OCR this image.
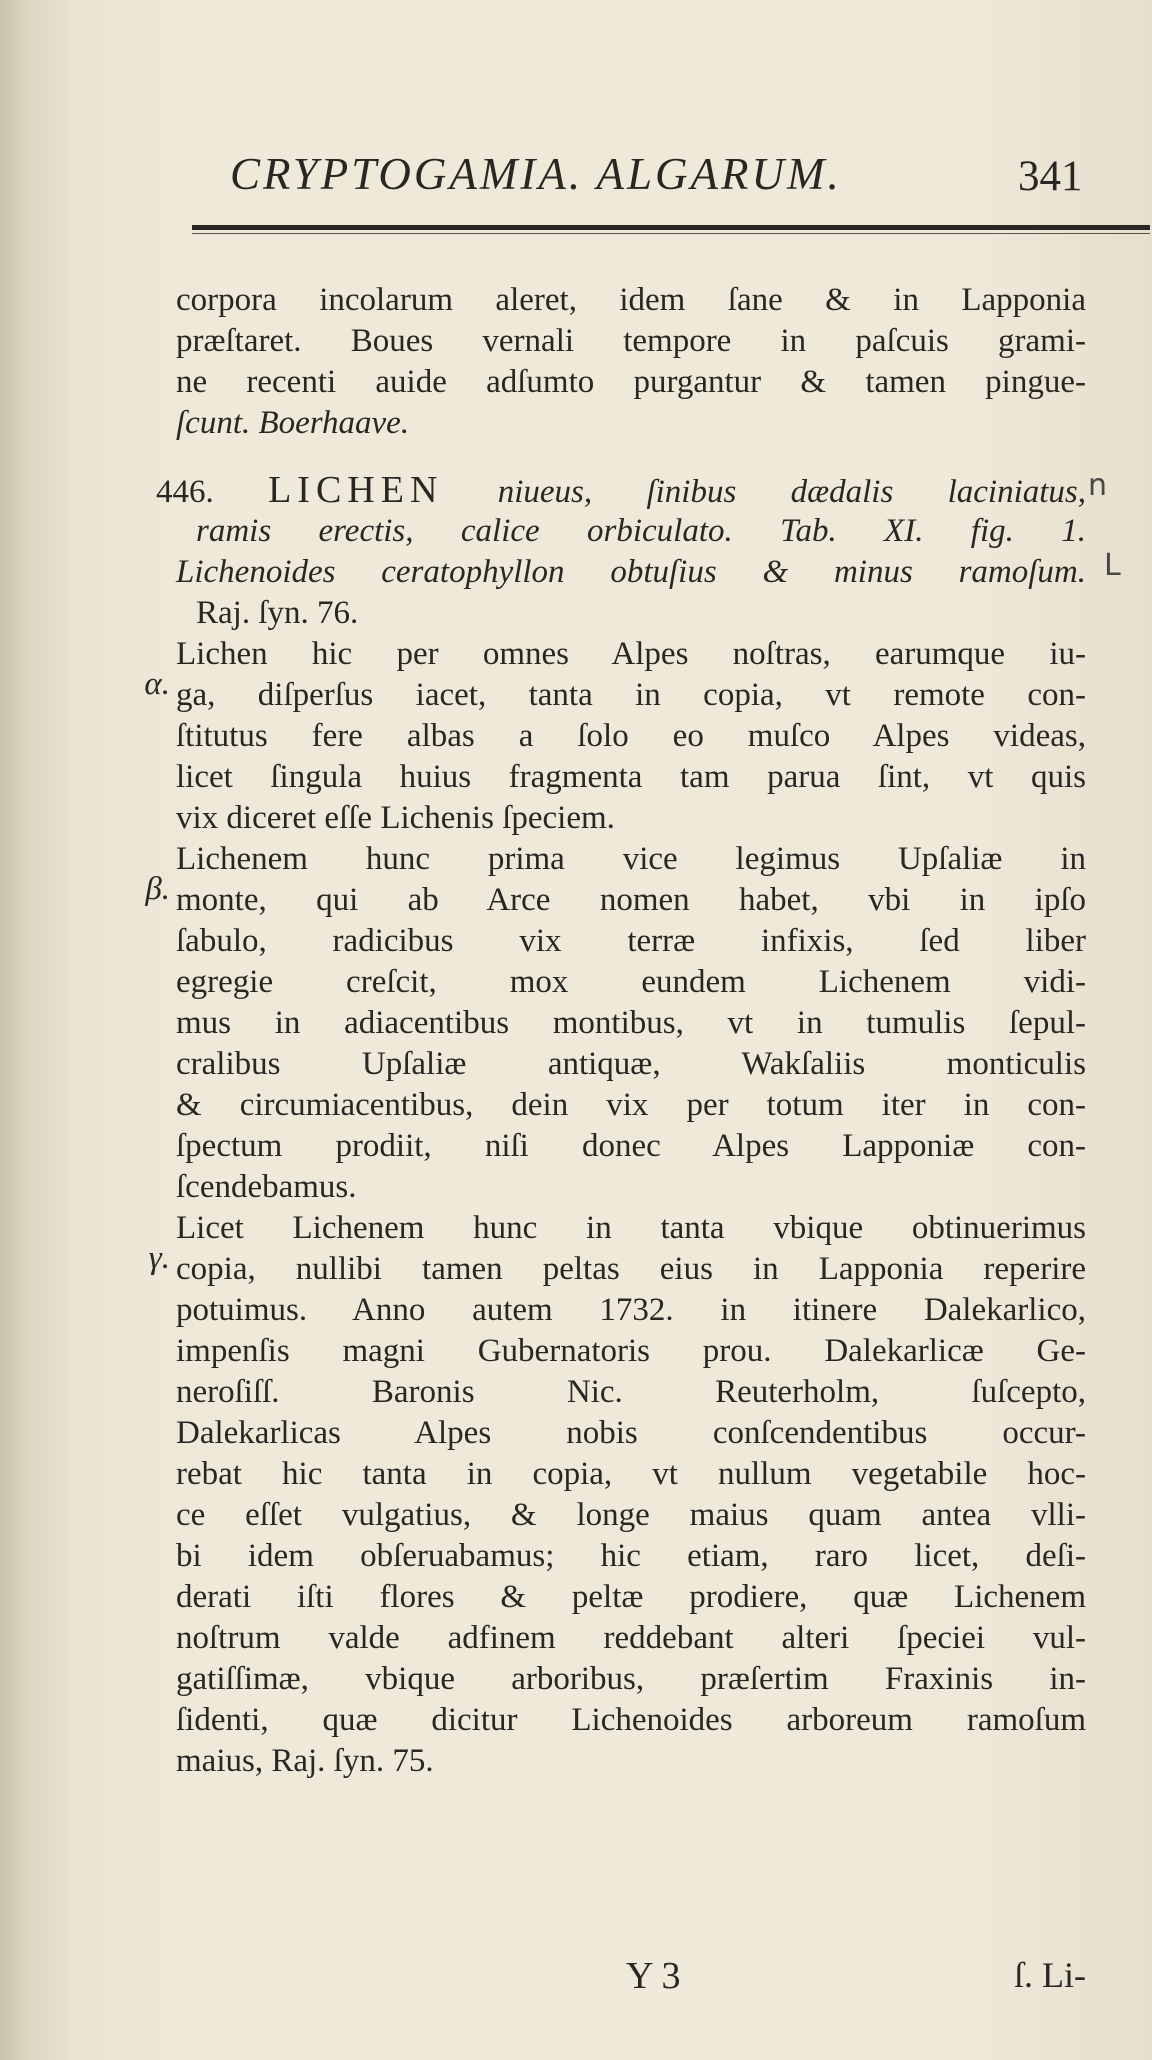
CRYPTOGAMIA. ALGARUM.	341
n
L
corpora incolarum aleret, idem ſane & in Lapponia
præſtaret. Boues vernali tempore in paſcuis grami-
ne recenti auide adſumto purgantur & tamen pingue-
ſcunt. Boerhaave.
446. LICHEN niueus, ſinibus dædalis laciniatus,
ramis erectis, calice orbiculato. Tab. XI. fig. 1.
Lichenoides ceratophyllon obtuſius & minus ramoſum.
Raj. ſyn. 76.
α.
Lichen hic per omnes Alpes noſtras, earumque iu-
ga, diſperſus iacet, tanta in copia, vt remote con-
ſtitutus fere albas a ſolo eo muſco Alpes videas,
licet ſingula huius fragmenta tam parua ſint, vt quis
vix diceret eſſe Lichenis ſpeciem.
β.
Lichenem hunc prima vice legimus Upſaliæ in
monte, qui ab Arce nomen habet, vbi in ipſo
ſabulo, radicibus vix terræ infixis, ſed liber
egregie creſcit, mox eundem Lichenem vidi-
mus in adiacentibus montibus, vt in tumulis ſepul-
cralibus Upſaliæ antiquæ, Wakſaliis monticulis
& circumiacentibus, dein vix per totum iter in con-
ſpectum prodiit, niſi donec Alpes Lapponiæ con-
ſcendebamus.
γ.
Licet Lichenem hunc in tanta vbique obtinuerimus
copia, nullibi tamen peltas eius in Lapponia reperire
potuimus. Anno autem 1732. in itinere Dalekarlico,
impenſis magni Gubernatoris prou. Dalekarlicæ Ge-
neroſiſſ. Baronis Nic. Reuterholm, ſuſcepto,
Dalekarlicas Alpes nobis conſcendentibus occur-
rebat hic tanta in copia, vt nullum vegetabile hoc-
ce eſſet vulgatius, & longe maius quam antea vlli-
bi idem obſeruabamus; hic etiam, raro licet, deſi-
derati iſti flores & peltæ prodiere, quæ Lichenem
noſtrum valde adfinem reddebant alteri ſpeciei vul-
gatiſſimæ, vbique arboribus, præſertim Fraxinis in-
ſidenti, quæ dicitur Lichenoides arboreum ramoſum
maius, Raj. ſyn. 75.
Y 3	ſ. Li-
